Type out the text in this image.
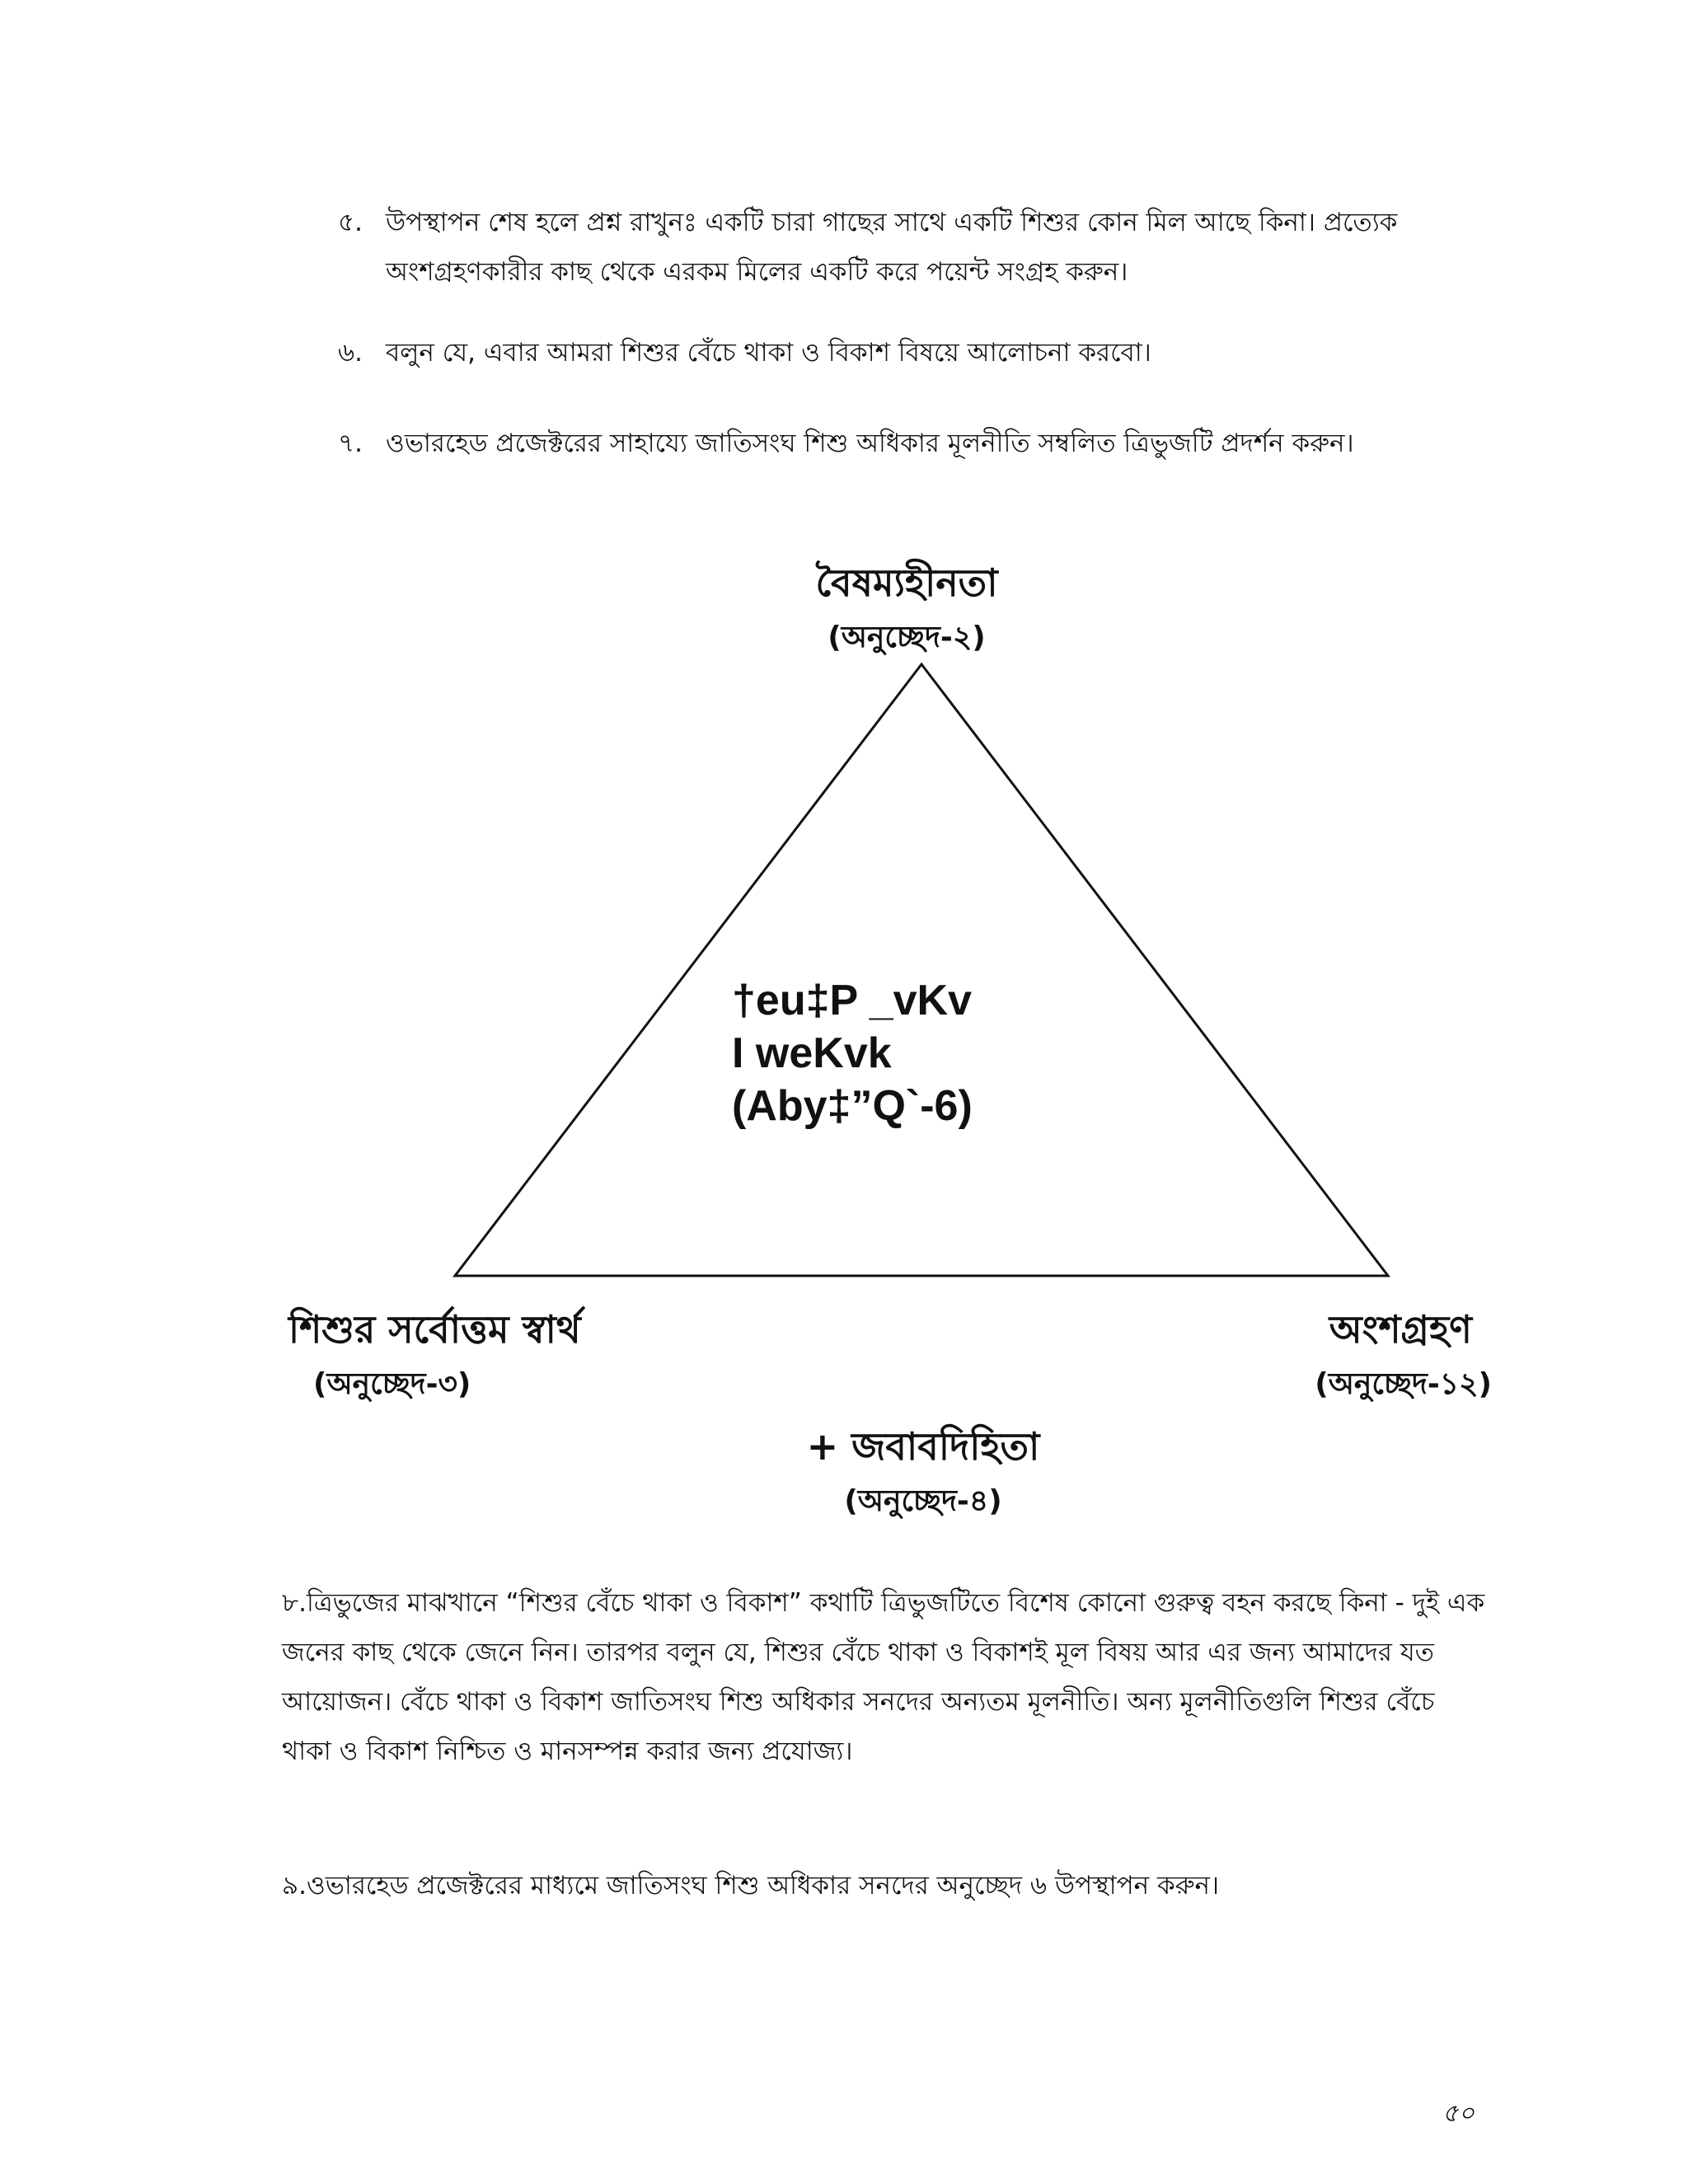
৫. উপস্থাপন শেষ হলে প্রশ্ন রাখুনঃ একটি চারা গাছের সাথে একটি শিশুর কোন মিল আছে কিনা। প্রত্যেক অংশগ্রহণকারীর কাছ থেকে এরকম মিলের একটি করে পয়েন্ট সংগ্রহ করুন।
৬. বলুন যে, এবার আমরা শিশুর বেঁচে থাকা ও বিকাশ বিষয়ে আলোচনা করবো।
৭. ওভারহেড প্রজেক্টরের সাহায্যে জাতিসংঘ শিশু অধিকার মূলনীতি সম্বলিত ত্রিভুজটি প্রদর্শন করুন।
বৈষম্যহীনতা
(অনুচ্ছেদ-২)
†eu‡P _vKv
I weKvk
(Aby‡”Q`-6)
শিশুর সর্বোত্তম স্বার্থ
(অনুচ্ছেদ-৩)
অংশগ্রহণ
(অনুচ্ছেদ-১২)
+ জবাবদিহিতা
(অনুচ্ছেদ-৪)
৮.ত্রিভুজের মাঝখানে “শিশুর বেঁচে থাকা ও বিকাশ” কথাটি ত্রিভুজটিতে বিশেষ কোনো গুরুত্ব বহন করছে কিনা - দুই এক জনের কাছ থেকে জেনে নিন। তারপর বলুন যে, শিশুর বেঁচে থাকা ও বিকাশই মূল বিষয় আর এর জন্য আমাদের যত আয়োজন। বেঁচে থাকা ও বিকাশ জাতিসংঘ শিশু অধিকার সনদের অন্যতম মূলনীতি। অন্য মূলনীতিগুলি শিশুর বেঁচে থাকা ও বিকাশ নিশ্চিত ও মানসম্পন্ন করার জন্য প্রযোজ্য।
৯.ওভারহেড প্রজেক্টরের মাধ্যমে জাতিসংঘ শিশু অধিকার সনদের অনুচ্ছেদ ৬ উপস্থাপন করুন।
৫০
